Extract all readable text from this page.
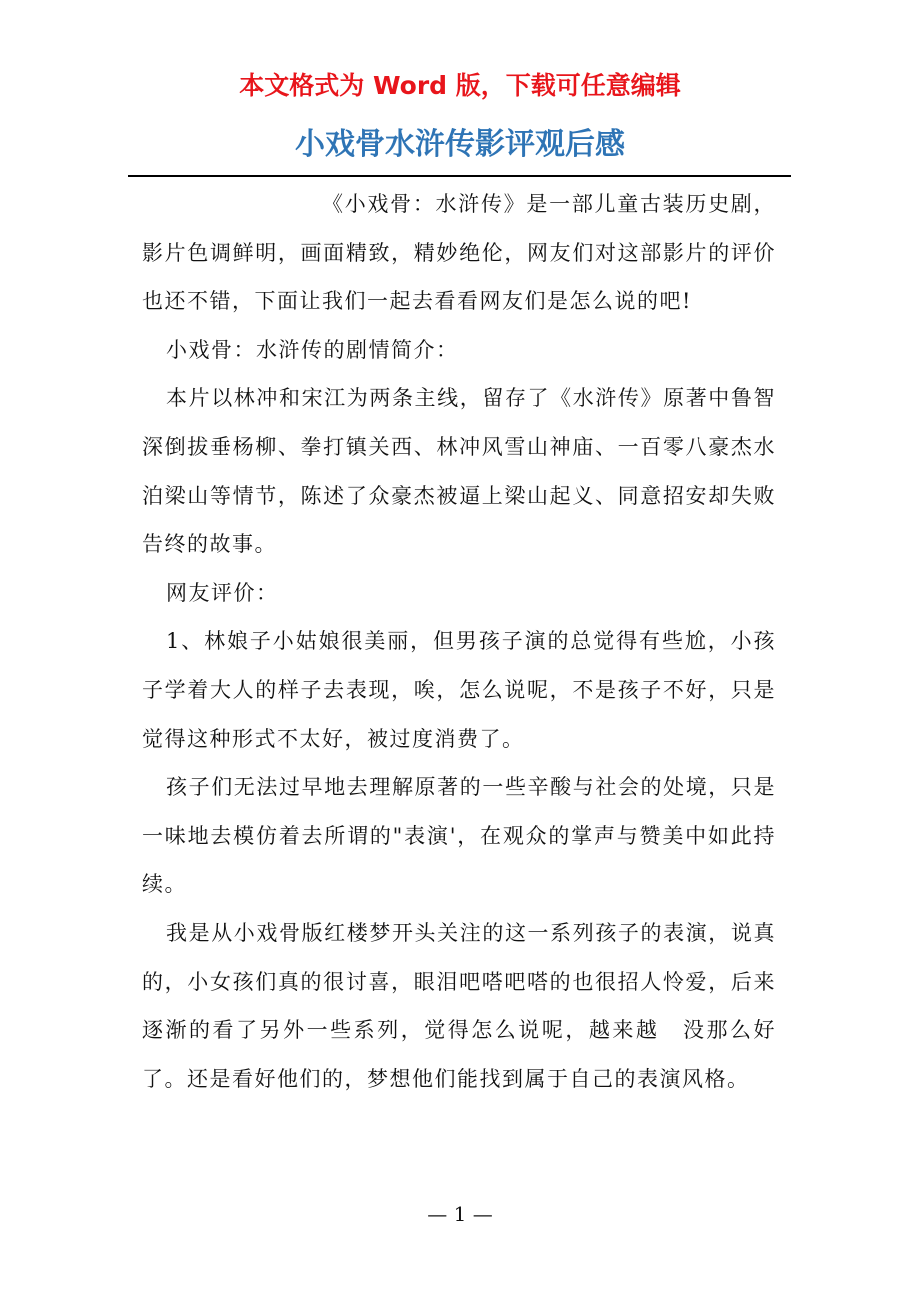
本文格式为 Word 版，下载可任意编辑

小戏骨水浒传影评观后感

《小戏骨：水浒传》是一部儿童古装历史剧，影片色调鲜明，画面精致，精妙绝伦，网友们对这部影片的评价也还不错，下面让我们一起去看看网友们是怎么说的吧!

小戏骨：水浒传的剧情简介：

本片以林冲和宋江为两条主线，留存了《水浒传》原著中鲁智深倒拔垂杨柳、拳打镇关西、林冲风雪山神庙、一百零八豪杰水泊梁山等情节，陈述了众豪杰被逼上梁山起义、同意招安却失败告终的故事。

网友评价：

1、林娘子小姑娘很美丽，但男孩子演的总觉得有些尬，小孩子学着大人的样子去表现，唉，怎么说呢，不是孩子不好，只是觉得这种形式不太好，被过度消费了。

孩子们无法过早地去理解原著的一些辛酸与社会的处境，只是一味地去模仿着去所谓的"表演'，在观众的掌声与赞美中如此持续。

我是从小戏骨版红楼梦开头关注的这一系列孩子的表演，说真的，小女孩们真的很讨喜，眼泪吧嗒吧嗒的也很招人怜爱，后来逐渐的看了另外一些系列，觉得怎么说呢，越来越　没那么好了。还是看好他们的，梦想他们能找到属于自己的表演风格。

— 1 —
